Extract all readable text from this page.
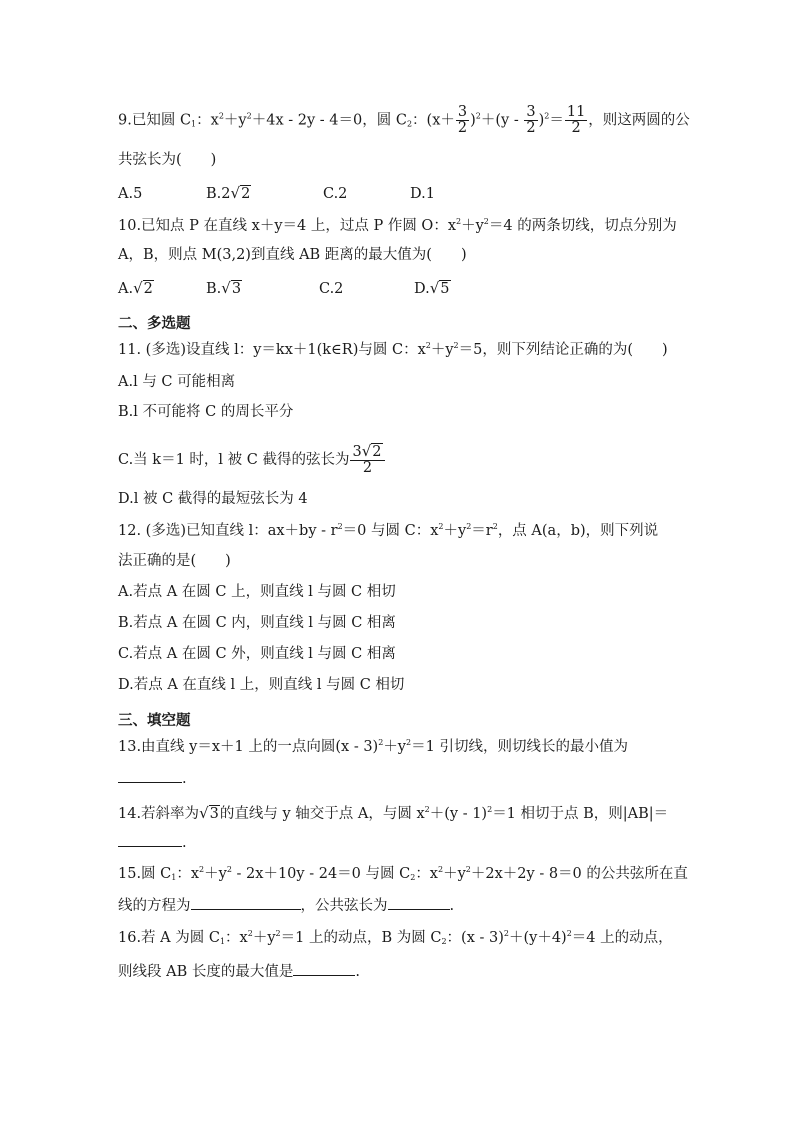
9.已知圆 $C_1$：$x^2+y^2+4x - 2y - 4=0$，圆 $C_2$：$(x+ \frac{3}{2} )^2+(y - \frac{3}{2} )^2= \frac{11}{2}$ ，则这两圆的公
共弦长为(　　)
A.5	B.2√2	C.2	D.1
10.已知点 P 在直线 x＋y＝4 上，过点 P 作圆 O：$x^2+y^2=4$ 的两条切线，切点分别为
A，B，则点 M(3,2)到直线 AB 距离的最大值为(　　)
A.√2	B.√3	C.2	D.√5
二、多选题
11. (多选)设直线 l：y＝kx＋1(k∈R)与圆 C：$x^2+y^2=5$，则下列结论正确的为(　　)
A.l 与 C 可能相离
B.l 不可能将 C 的周长平分
C.当 k＝1 时，l 被 C 截得的弦长为 $\frac{3√2}{2}$
D.l 被 C 截得的最短弦长为 4
12. (多选)已知直线 l：$ax+by - r^2=0$ 与圆 C：$x^2+y^2=r^2$，点 A(a，b)，则下列说
法正确的是(　　)
A.若点 A 在圆 C 上，则直线 l 与圆 C 相切
B.若点 A 在圆 C 内，则直线 l 与圆 C 相离
C.若点 A 在圆 C 外，则直线 l 与圆 C 相离
D.若点 A 在直线 l 上，则直线 l 与圆 C 相切
三、填空题
13.由直线 y＝x＋1 上的一点向圆$(x - 3)^2+y^2=1$ 引切线，则切线长的最小值为
.
14.若斜率为√3的直线与 y 轴交于点 A，与圆 $x^2+(y - 1)^2=1$ 相切于点 B，则|AB|＝
.
15.圆 $C_1$：$x^2+y^2 - 2x+10y - 24=0$ 与圆 $C_2$：$x^2+y^2+2x+2y - 8=0$ 的公共弦所在直
线的方程为	，公共弦长为	.
16.若 A 为圆 $C_1$：$x^2+y^2=1$ 上的动点，B 为圆 $C_2$：$(x - 3)^2+(y+4)^2=4$ 上的动点，
则线段 AB 长度的最大值是	.
